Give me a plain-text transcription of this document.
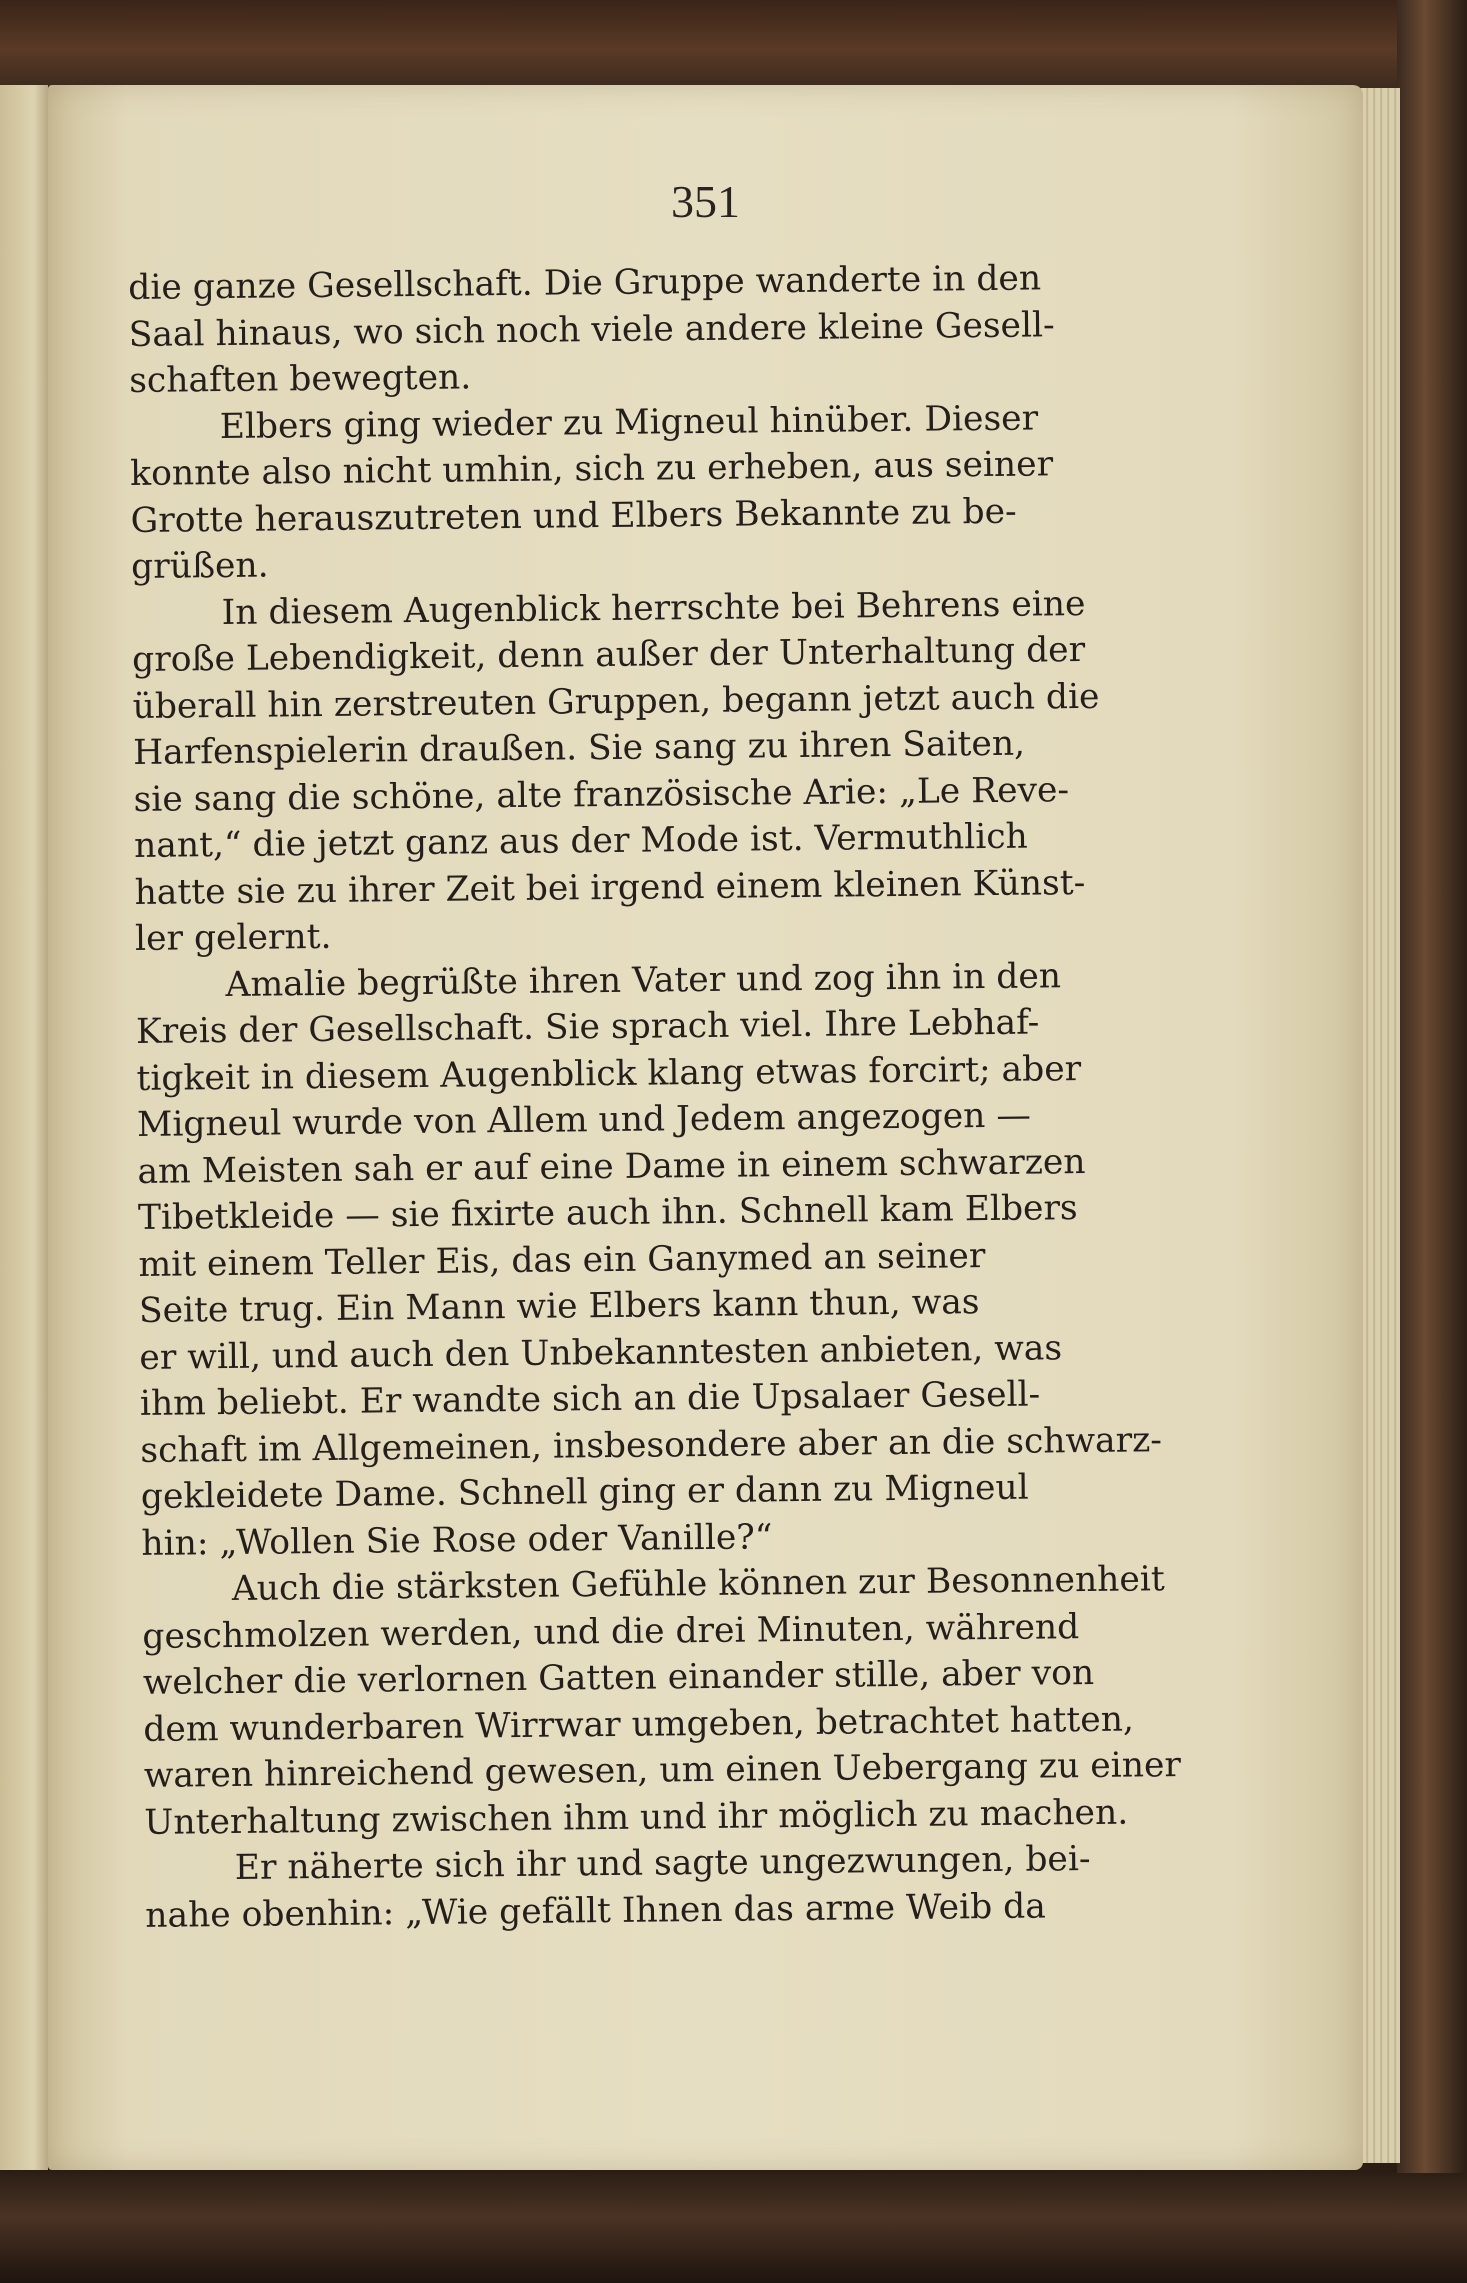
351
die ganze Gesellschaft. Die Gruppe wanderte in den
Saal hinaus, wo sich noch viele andere kleine Gesell-
schaften bewegten.
Elbers ging wieder zu Migneul hinüber. Dieser
konnte also nicht umhin, sich zu erheben, aus seiner
Grotte herauszutreten und Elbers Bekannte zu be-
grüßen.
In diesem Augenblick herrschte bei Behrens eine
große Lebendigkeit, denn außer der Unterhaltung der
überall hin zerstreuten Gruppen, begann jetzt auch die
Harfenspielerin draußen. Sie sang zu ihren Saiten,
sie sang die schöne, alte französische Arie: „Le Reve-
nant,“ die jetzt ganz aus der Mode ist. Vermuthlich
hatte sie zu ihrer Zeit bei irgend einem kleinen Künst-
ler gelernt.
Amalie begrüßte ihren Vater und zog ihn in den
Kreis der Gesellschaft. Sie sprach viel. Ihre Lebhaf-
tigkeit in diesem Augenblick klang etwas forcirt; aber
Migneul wurde von Allem und Jedem angezogen —
am Meisten sah er auf eine Dame in einem schwarzen
Tibetkleide — sie fixirte auch ihn. Schnell kam Elbers
mit einem Teller Eis, das ein Ganymed an seiner
Seite trug. Ein Mann wie Elbers kann thun, was
er will, und auch den Unbekanntesten anbieten, was
ihm beliebt. Er wandte sich an die Upsalaer Gesell-
schaft im Allgemeinen, insbesondere aber an die schwarz-
gekleidete Dame. Schnell ging er dann zu Migneul
hin: „Wollen Sie Rose oder Vanille?“
Auch die stärksten Gefühle können zur Besonnenheit
geschmolzen werden, und die drei Minuten, während
welcher die verlornen Gatten einander stille, aber von
dem wunderbaren Wirrwar umgeben, betrachtet hatten,
waren hinreichend gewesen, um einen Uebergang zu einer
Unterhaltung zwischen ihm und ihr möglich zu machen.
Er näherte sich ihr und sagte ungezwungen, bei-
nahe obenhin: „Wie gefällt Ihnen das arme Weib da
